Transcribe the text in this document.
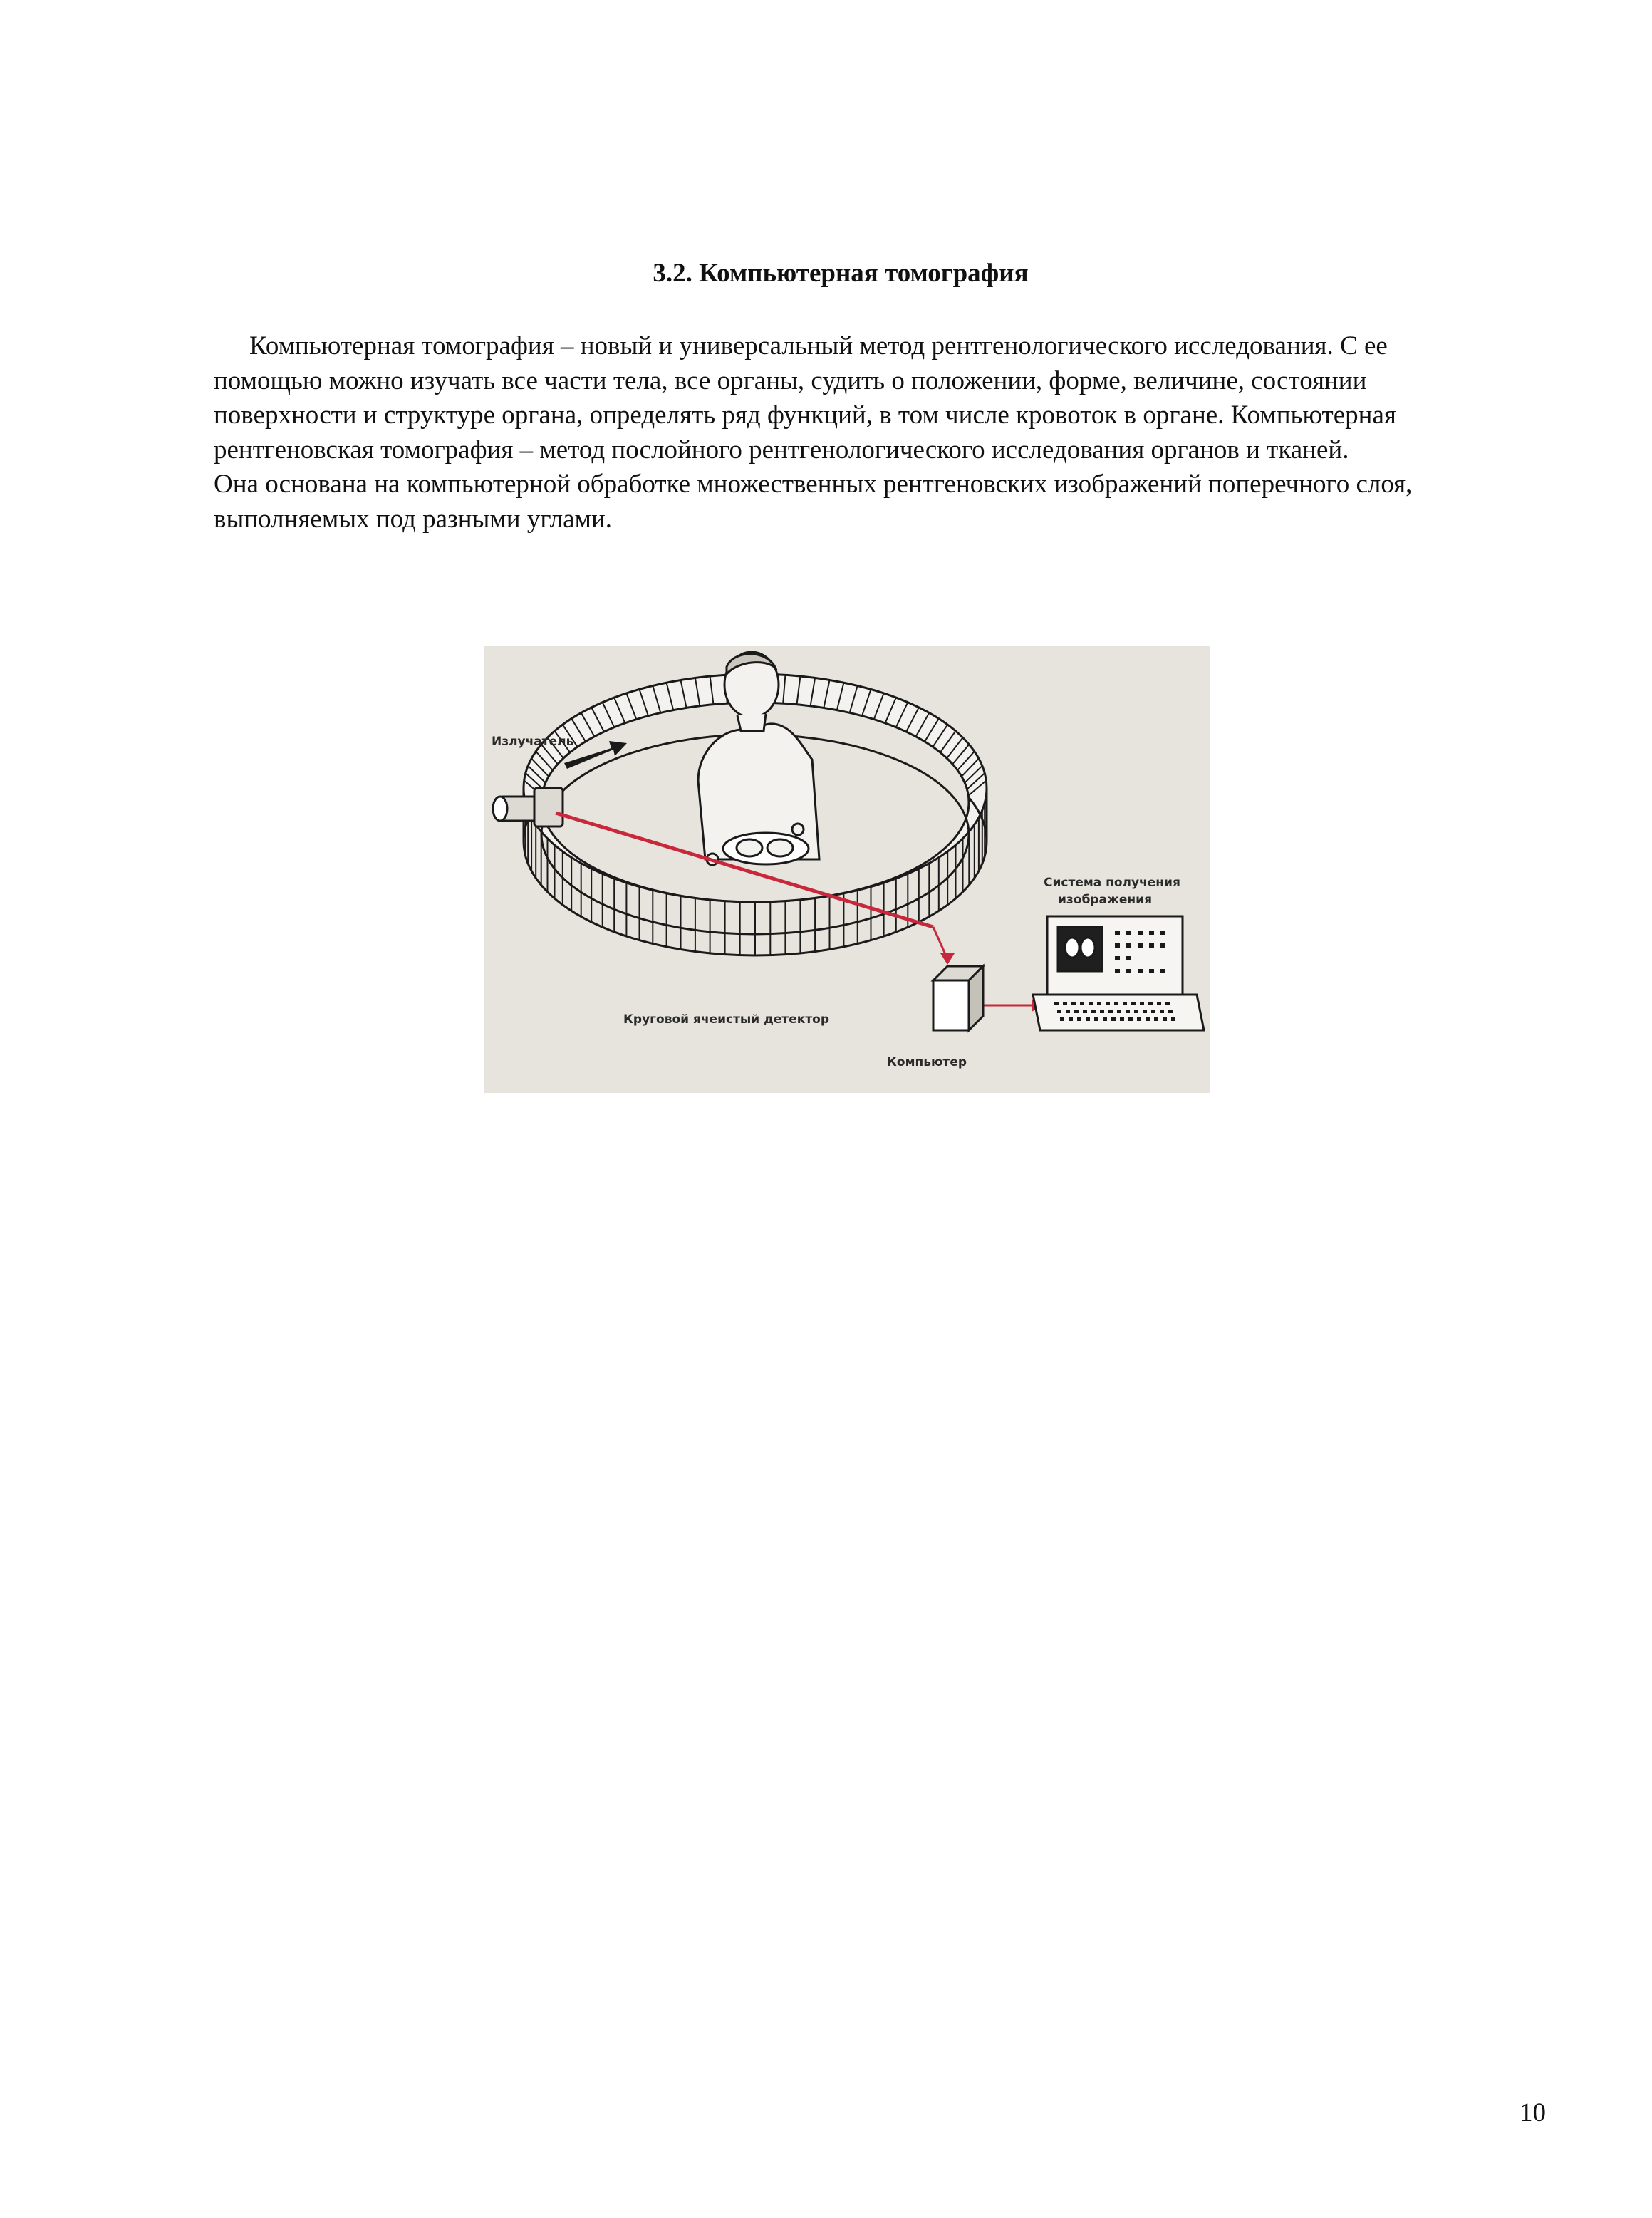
3.2. Компьютерная томография

Компьютерная томография – новый и универсальный метод рентгенологического исследования. С ее помощью можно изучать все части тела, все органы, судить о положении, форме, величине, состоянии поверхности и структуре органа, определять ряд функций, в том числе кровоток в органе. Компьютерная рентгеновская томография – метод послойного рентгенологического исследования органов и тканей.

Она основана на компьютерной обработке множественных рентгеновских изображений поперечного слоя, выполняемых под разными углами.

Излучатель
Система получения
изображения
Круговой ячеистый детектор
Компьютер
10
